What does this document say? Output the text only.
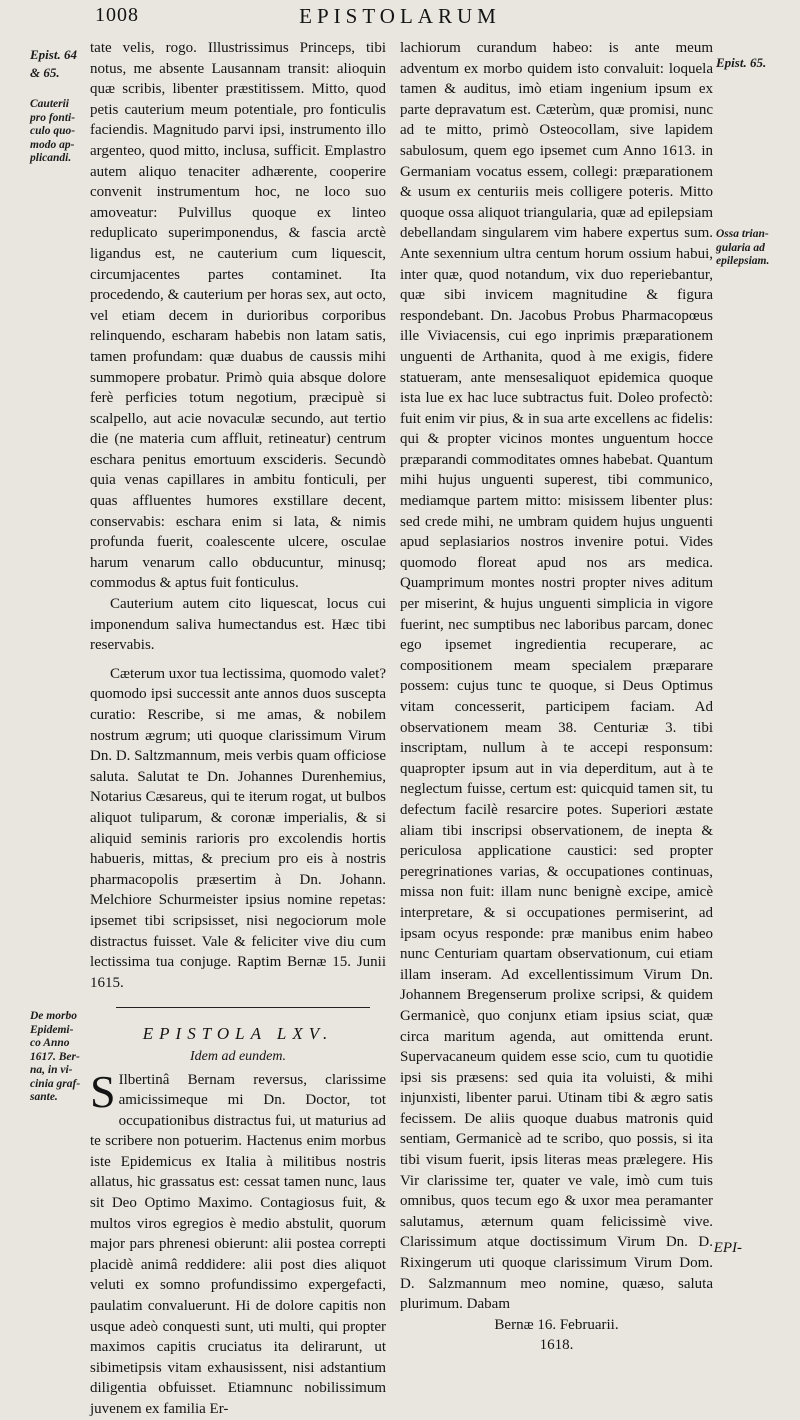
1008	EPISTOLARUM
Epist. 64
& 65.
Cauterii
pro fonti-
culo quo-
modo ap-
plicandi.
De morbo
Epidemi-
co Anno
1617. Ber-
na, in vi-
cinia graf-
sante.
Epist. 65.
Ossa trian-
gularia ad
epilepsiam.

tate velis, rogo. Illustrissimus Princeps, tibi notus, me absente Lausannam transit: alioquin quæ scribis, libenter præstitissem. Mitto, quod petis cauterium meum potentiale, pro fonticulis faciendis. Magnitudo parvi ipsi, instrumento illo argenteo, quod mitto, inclusa, sufficit. Emplastro autem aliquo tenaciter adhærente, cooperire convenit instrumentum hoc, ne loco suo amoveatur: Pulvillus quoque ex linteo reduplicato superimponendus, & fascia arctè ligandus est, ne cauterium cum liquescit, circumjacentes partes contaminet. Ita procedendo, & cauterium per horas sex, aut octo, vel etiam decem in durioribus corporibus relinquendo, escharam habebis non latam satis, tamen profundam: quæ duabus de caussis mihi summopere probatur. Primò quia absque dolore ferè perficies totum negotium, præcipuè si scalpello, aut acie novaculæ secundo, aut tertio die (ne materia cum affluit, retineatur) centrum eschara penitus emortuum exscideris. Secundò quia venas capillares in ambitu fonticuli, per quas affluentes humores exstillare decent, conservabis: eschara enim si lata, & nimis profunda fuerit, coalescente ulcere, osculae harum venarum callo obducuntur, minusq; commodus & aptus fuit fonticulus.

Cauterium autem cito liquescat, locus cui imponendum saliva humectandus est. Hæc tibi reservabis.

Cæterum uxor tua lectissima, quomodo valet? quomodo ipsi successit ante annos duos suscepta curatio: Rescribe, si me amas, & nobilem nostrum ægrum; uti quoque clarissimum Virum Dn. D. Saltzmannum, meis verbis quam officiose saluta. Salutat te Dn. Johannes Durenhemius, Notarius Cæsareus, qui te iterum rogat, ut bulbos aliquot tuliparum, & coronæ imperialis, & si aliquid seminis rarioris pro excolendis hortis habueris, mittas, & precium pro eis à nostris pharmacopolis præsertim à Dn. Johann. Melchiore Schurmeister ipsius nomine repetas: ipsemet tibi scripsisset, nisi negociorum mole distractus fuisset. Vale & feliciter vive diu cum lectissima tua conjuge. Raptim Bernæ 15. Junii 1615.

EPISTOLA LXV.
Idem ad eundem.

S Ilbertinâ Bernam reversus, clarissime amicissimeque mi Dn. Doctor, tot occupationibus distractus fui, ut maturius ad te scribere non potuerim. Hactenus enim morbus iste Epidemicus ex Italia à militibus nostris allatus, hic grassatus est: cessat tamen nunc, laus sit Deo Optimo Maximo. Contagiosus fuit, & multos viros egregios è medio abstulit, quorum major pars phrenesi obierunt: alii postea correpti placidè animâ reddidere: alii post dies aliquot veluti ex somno profundissimo expergefacti, paulatim convaluerunt. Hi de dolore capitis non usque adeò conquesti sunt, uti multi, qui propter maximos capitis cruciatus ita delirarunt, ut sibimetipsis vitam exhausissent, nisi adstantium diligentia obfuisset. Etiamnunc nobilissimum juvenem ex familia Er-

lachiorum curandum habeo: is ante meum adventum ex morbo quidem isto convaluit: loquela tamen & auditus, imò etiam ingenium ipsum ex parte depravatum est. Cæterùm, quæ promisi, nunc ad te mitto, primò Osteocollam, sive lapidem sabulosum, quem ego ipsemet cum Anno 1613. in Germaniam vocatus essem, collegi: præparationem & usum ex centuriis meis colligere poteris. Mitto quoque ossa aliquot triangularia, quæ ad epilepsiam debellandam singularem vim habere expertus sum. Ante sexennium ultra centum horum ossium habui, inter quæ, quod notandum, vix duo reperiebantur, quæ sibi invicem magnitudine & figura respondebant. Dn. Jacobus Probus Pharmacopœus ille Viviacensis, cui ego inprimis præparationem unguenti de Arthanita, quod à me exigis, fidere statueram, ante mensesaliquot epidemica quoque ista lue ex hac luce subtractus fuit. Doleo profectò: fuit enim vir pius, & in sua arte excellens ac fidelis: qui & propter vicinos montes unguentum hocce præparandi commoditates omnes habebat. Quantum mihi hujus unguenti superest, tibi communico, mediamque partem mitto: misissem libenter plus: sed crede mihi, ne umbram quidem hujus unguenti apud seplasiarios nostros invenire potui. Vides quomodo floreat apud nos ars medica. Quamprimum montes nostri propter nives aditum per miserint, & hujus unguenti simplicia in vigore fuerint, nec sumptibus nec laboribus parcam, donec ego ipsemet ingredientia recuperare, ac compositionem meam specialem præparare possem: cujus tunc te quoque, si Deus Optimus vitam concesserit, participem faciam. Ad observationem meam 38. Centuriæ 3. tibi inscriptam, nullum à te accepi responsum: quapropter ipsum aut in via deperditum, aut à te neglectum fuisse, certum est: quicquid tamen sit, tu defectum facilè resarcire potes. Superiori æstate aliam tibi inscripsi observationem, de inepta & periculosa applicatione caustici: sed propter peregrinationes varias, & occupationes continuas, missa non fuit: illam nunc benignè excipe, amicè interpretare, & si occupationes permiserint, ad ipsam ocyus responde: præ manibus enim habeo nunc Centuriam quartam observationum, cui etiam illam inseram. Ad excellentissimum Virum Dn. Johannem Bregenserum prolixe scripsi, & quidem Germanicè, quo conjunx etiam ipsius sciat, quæ circa maritum agenda, aut omittenda erunt. Supervacaneum quidem esse scio, cum tu quotidie ipsi sis præsens: sed quia ita voluisti, & mihi injunxisti, libenter parui. Utinam tibi & ægro satis fecissem. De aliis quoque duabus matronis quid sentiam, Germanicè ad te scribo, quo possis, si ita tibi visum fuerit, ipsis literas meas prælegere. His Vir clarissime ter, quater ve vale, imò cum tuis omnibus, quos tecum ego & uxor mea peramanter salutamus, æternum quam felicissimè vive. Clarissimum atque doctissimum Virum Dn. D. Rixingerum uti quoque clarissimum Virum Dom. D. Salzmannum meo nomine, quæso, saluta plurimum. Dabam

Bernæ 16. Februarii.

1618.

EPI-
